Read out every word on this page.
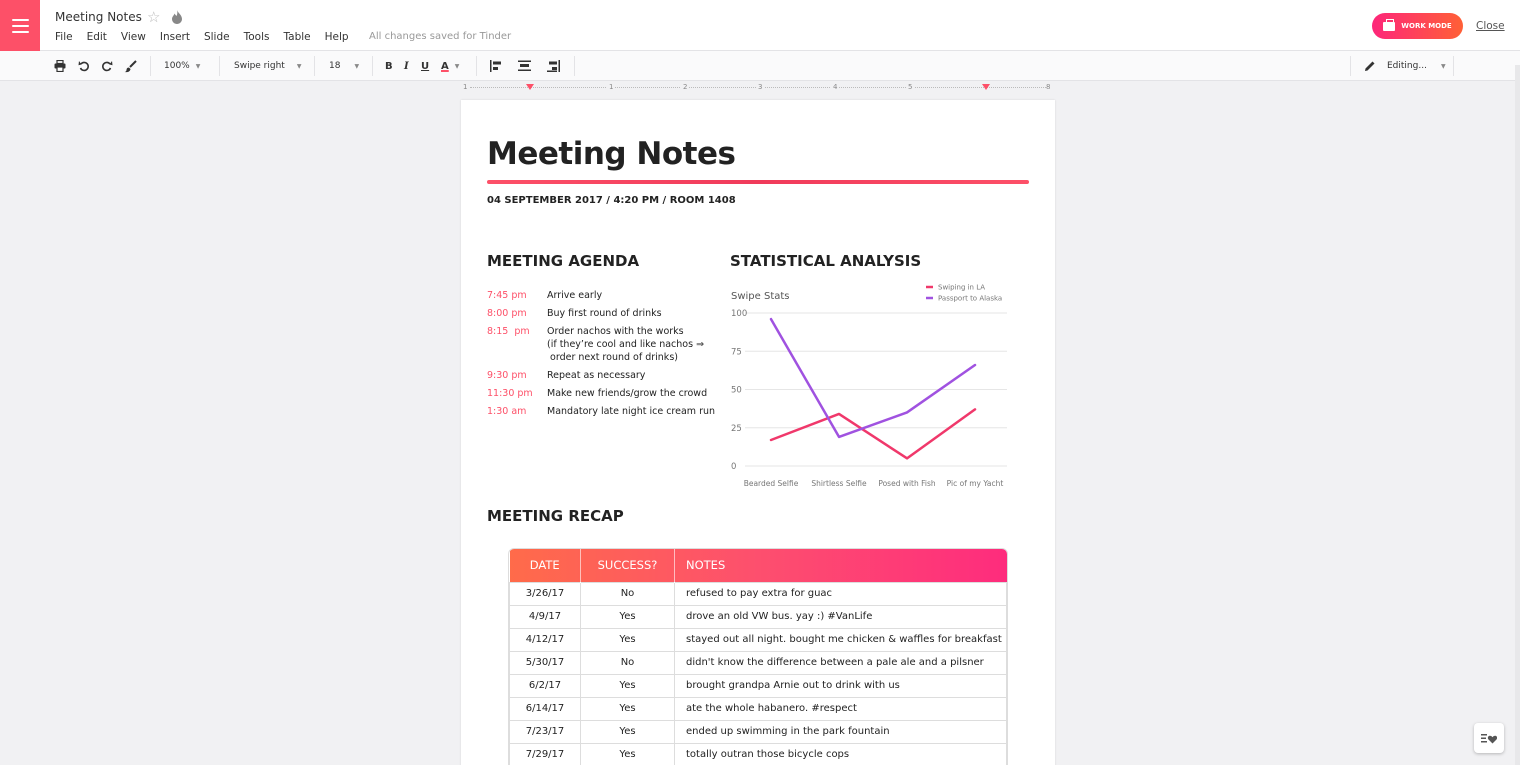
Meeting Notes ☆
File Edit View Insert Slide Tools Table Help All changes saved for Tinder
WORK MODE Close
100% ▼	Swipe right ▼	18 ▼	B I U A ▼	Editing... ▼
1	1	2	3	4	5	8
Meeting Notes
04 SEPTEMBER 2017 / 4:20 PM / ROOM 1408
MEETING AGENDA	STATISTICAL ANALYSIS
7:45 pm	Arrive early
8:00 pm	Buy first round of drinks
8:15  pm	Order nachos with the works
(if they’re cool and like nachos ⇒
order next round of drinks)
9:30 pm	Repeat as necessary
11:30 pm	Make new friends/grow the crowd
1:30 am	Mandatory late night ice cream run
Swipe Stats
100
75
50
25
0
Bearded Selfie Shirtless Selfie Posed with Fish Pic of my Yacht
Swiping in LA
Passport to Alaska
MEETING RECAP
DATE	SUCCESS?	NOTES
3/26/17	No	refused to pay extra for guac
4/9/17	Yes	drove an old VW bus. yay :) #VanLife
4/12/17	Yes	stayed out all night. bought me chicken & waffles for breakfast
5/30/17	No	didn't know the difference between a pale ale and a pilsner
6/2/17	Yes	brought grandpa Arnie out to drink with us
6/14/17	Yes	ate the whole habanero. #respect
7/23/17	Yes	ended up swimming in the park fountain
7/29/17	Yes	totally outran those bicycle cops
